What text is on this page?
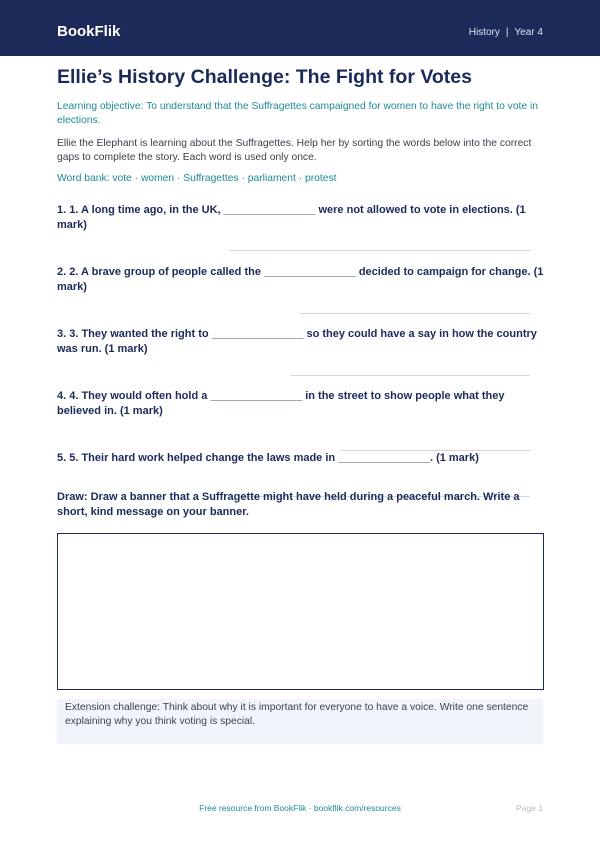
BookFlik	History | Year 4
Ellie’s History Challenge: The Fight for Votes
Learning objective: To understand that the Suffragettes campaigned for women to have the right to vote in elections.
Ellie the Elephant is learning about the Suffragettes. Help her by sorting the words below into the correct gaps to complete the story. Each word is used only once.
Word bank: vote · women · Suffragettes · parliament · protest
1. 1. A long time ago, in the UK, _______________ were not allowed to vote in elections. (1 mark)
2. 2. A brave group of people called the _______________ decided to campaign for change. (1 mark)
3. 3. They wanted the right to _______________ so they could have a say in how the country was run. (1 mark)
4. 4. They would often hold a _______________ in the street to show people what they believed in. (1 mark)
5. 5. Their hard work helped change the laws made in _______________. (1 mark)
Draw: Draw a banner that a Suffragette might have held during a peaceful march. Write a short, kind message on your banner.
Extension challenge: Think about why it is important for everyone to have a voice. Write one sentence explaining why you think voting is special.
Free resource from BookFlik · bookflik.com/resources	Page 1
